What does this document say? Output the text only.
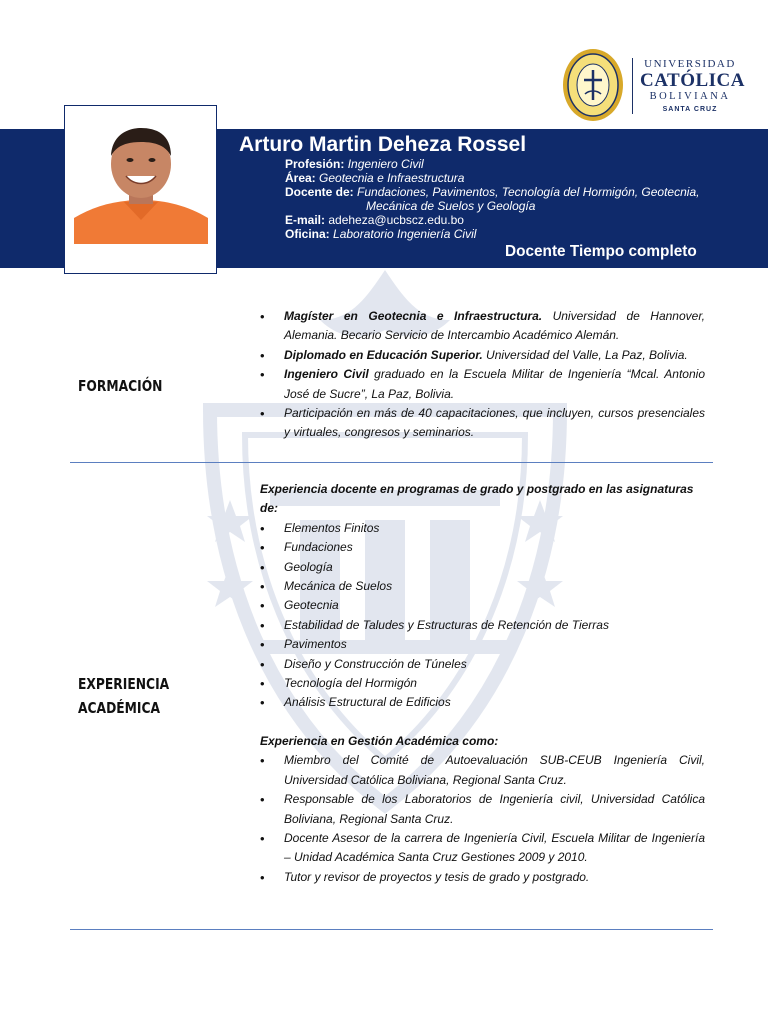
UNIVERSIDAD
CATÓLICA
BOLIVIANA
SANTA CRUZ
Arturo Martin Deheza Rossel
Profesión: Ingeniero Civil
Área: Geotecnia e Infraestructura
Docente de: Fundaciones, Pavimentos, Tecnología del Hormigón, Geotecnia,
Mecánica de Suelos y Geología
E-mail: adeheza@ucbscz.edu.bo
Oficina: Laboratorio Ingeniería Civil
Docente Tiempo completo
FORMACIÓN
• Magíster en Geotecnia e Infraestructura. Universidad de Hannover, Alemania. Becario Servicio de Intercambio Académico Alemán.
• Diplomado en Educación Superior. Universidad del Valle, La Paz, Bolivia.
• Ingeniero Civil graduado en la Escuela Militar de Ingeniería “Mcal. Antonio José de Sucre”, La Paz, Bolivia.
• Participación en más de 40 capacitaciones, que incluyen, cursos presenciales y virtuales, congresos y seminarios.
EXPERIENCIA
ACADÉMICA
Experiencia docente en programas de grado y postgrado en las asignaturas de:
• Elementos Finitos
• Fundaciones
• Geología
• Mecánica de Suelos
• Geotecnia
• Estabilidad de Taludes y Estructuras de Retención de Tierras
• Pavimentos
• Diseño y Construcción de Túneles
• Tecnología del Hormigón
• Análisis Estructural de Edificios
Experiencia en Gestión Académica como:
• Miembro del Comité de Autoevaluación SUB-CEUB Ingeniería Civil, Universidad Católica Boliviana, Regional Santa Cruz.
• Responsable de los Laboratorios de Ingeniería civil, Universidad Católica Boliviana, Regional Santa Cruz.
• Docente Asesor de la carrera de Ingeniería Civil, Escuela Militar de Ingeniería – Unidad Académica Santa Cruz Gestiones 2009 y 2010.
• Tutor y revisor de proyectos y tesis de grado y postgrado.
